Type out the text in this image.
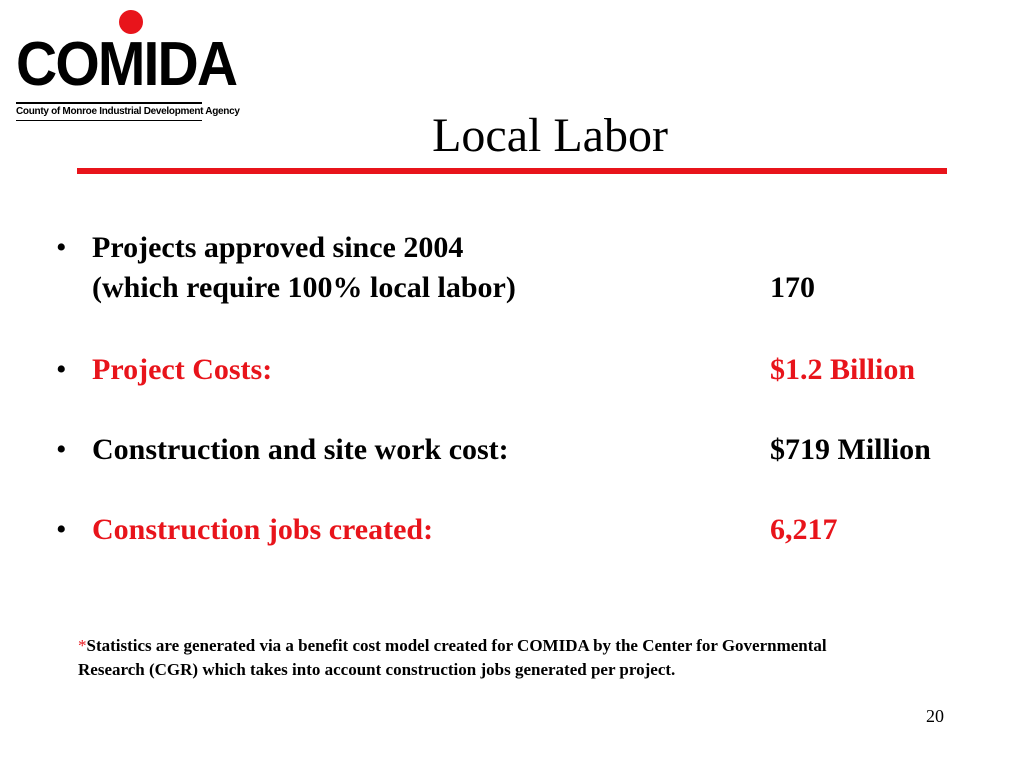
COMIDA
County of Monroe Industrial Development Agency	Local Labor
• Projects approved since 2004
(which require 100% local labor)	170
• Project Costs:	$1.2 Billion
• Construction and site work cost:	$719 Million
• Construction jobs created:	6,217
*Statistics are generated via a benefit cost model created for COMIDA by the Center for Governmental Research (CGR) which takes into account construction jobs generated per project.
20
